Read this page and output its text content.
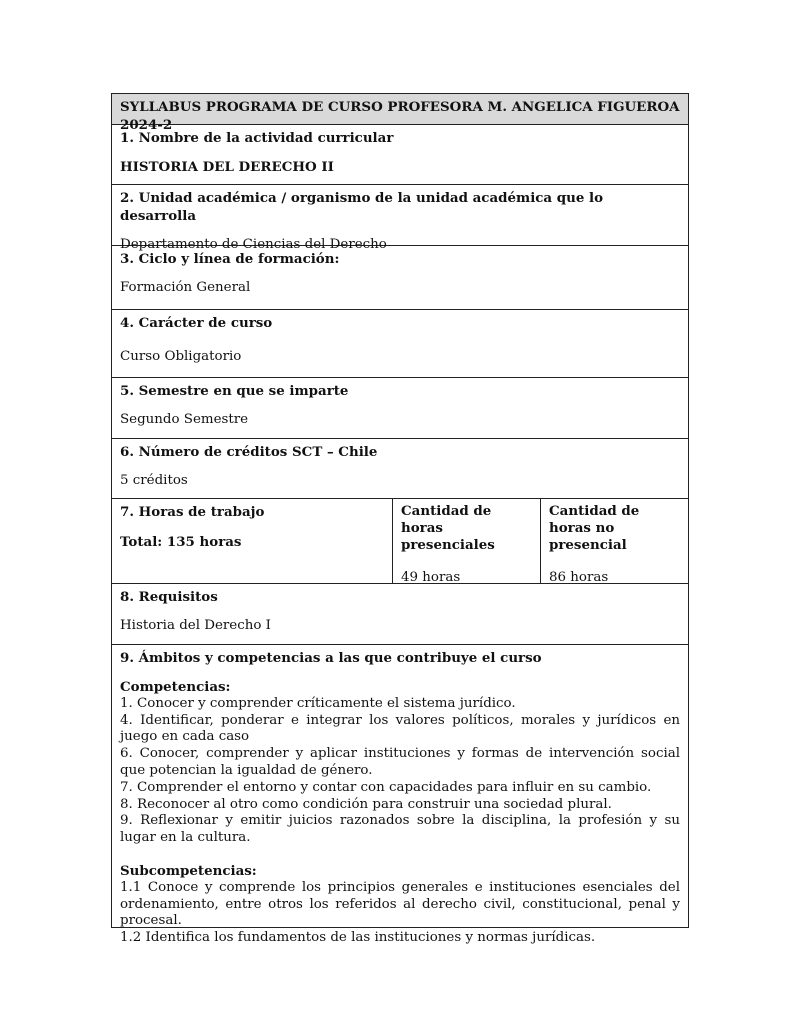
SYLLABUS PROGRAMA DE CURSO PROFESORA M. ANGELICA FIGUEROA 2024-2

1. Nombre de la actividad curricular

HISTORIA DEL DERECHO II

2. Unidad académica / organismo de la unidad académica que lo desarrolla

Departamento de Ciencias del Derecho

3. Ciclo y línea de formación:

Formación General

4. Carácter de curso

Curso Obligatorio

5. Semestre en que se imparte

Segundo Semestre

6. Número de créditos SCT – Chile

5 créditos

7. Horas de trabajo

Total: 135 horas

Cantidad de horas presenciales

49 horas

Cantidad de horas no presencial

86 horas

8. Requisitos

Historia del Derecho I

9. Ámbitos y competencias a las que contribuye el curso

Competencias:

1. Conocer y comprender críticamente el sistema jurídico.

4. Identificar, ponderar e integrar los valores políticos, morales y jurídicos en juego en cada caso

6. Conocer, comprender y aplicar instituciones y formas de intervención social que potencian la igualdad de género.

7. Comprender el entorno y contar con capacidades para influir en su cambio.

8. Reconocer al otro como condición para construir una sociedad plural.

9. Reflexionar y emitir juicios razonados sobre la disciplina, la profesión y su lugar en la cultura.

Subcompetencias:

1.1 Conoce y comprende los principios generales e instituciones esenciales del ordenamiento, entre otros los referidos al derecho civil, constitucional, penal y procesal.

1.2 Identifica los fundamentos de las instituciones y normas jurídicas.
